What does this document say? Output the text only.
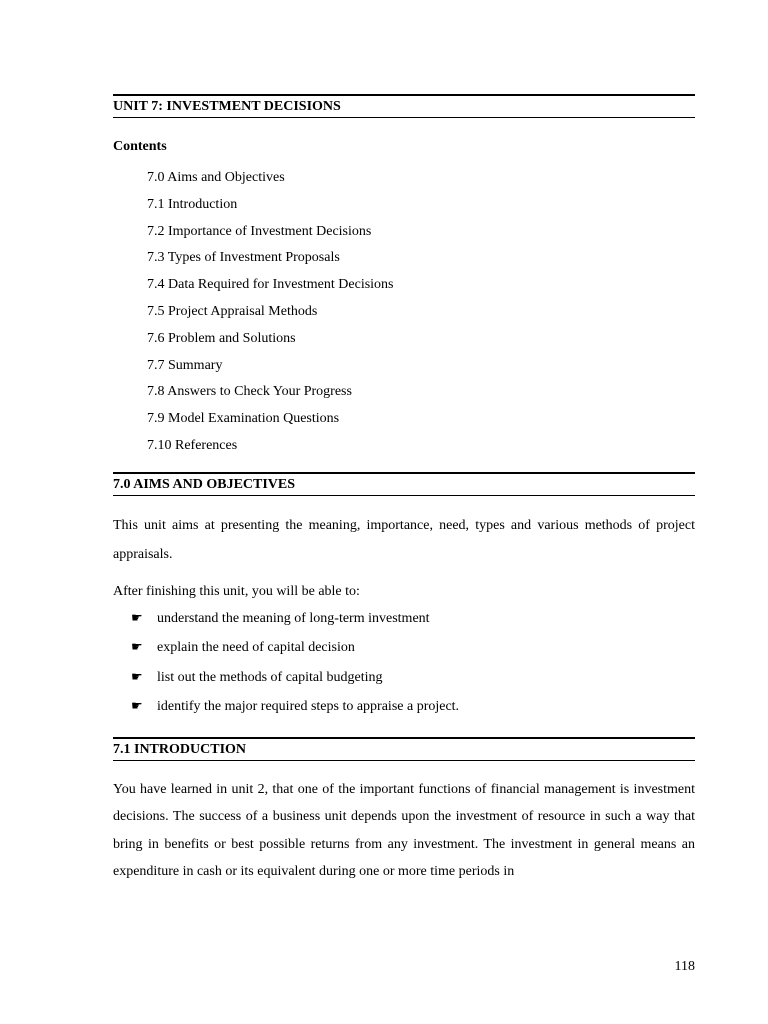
UNIT 7: INVESTMENT DECISIONS
Contents
7.0 Aims and Objectives
7.1 Introduction
7.2 Importance of Investment Decisions
7.3 Types of Investment Proposals
7.4 Data Required for Investment Decisions
7.5 Project Appraisal Methods
7.6 Problem and Solutions
7.7 Summary
7.8 Answers to Check Your Progress
7.9 Model Examination Questions
7.10 References
7.0 AIMS AND OBJECTIVES

This unit aims at presenting the meaning, importance, need, types and various methods of project appraisals.

After finishing this unit, you will be able to:

☛ understand the meaning of long-term investment
☛ explain the need of capital decision
☛ list out the methods of capital budgeting
☛ identify the major required steps to appraise a project.
7.1 INTRODUCTION

You have learned in unit 2, that one of the important functions of financial management is investment decisions. The success of a business unit depends upon the investment of resource in such a way that bring in benefits or best possible returns from any investment. The investment in general means an expenditure in cash or its equivalent during one or more time periods in

118
